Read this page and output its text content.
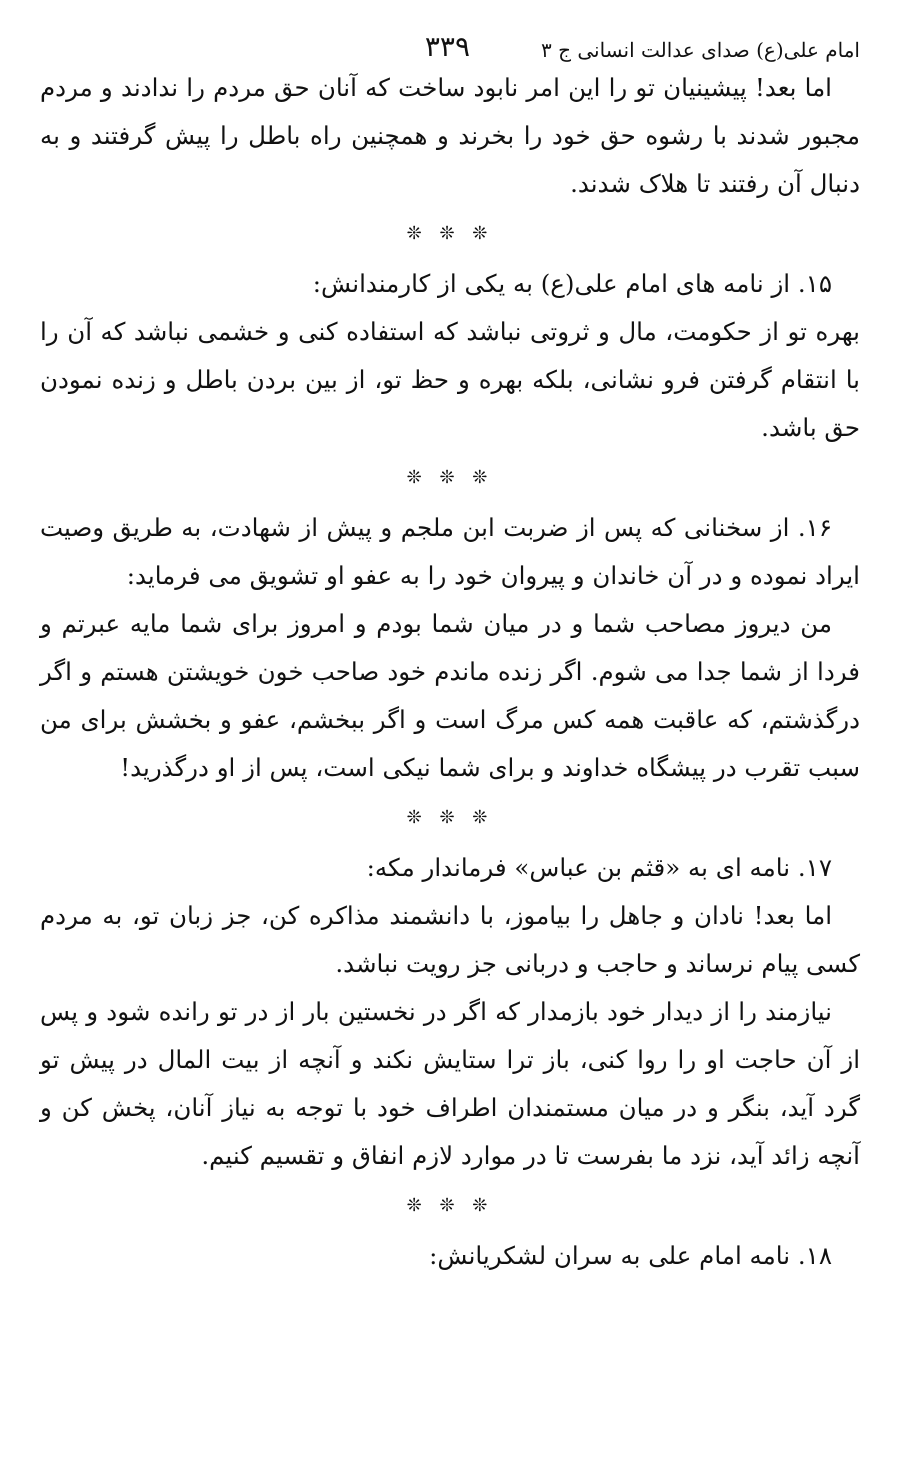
امام علی(ع) صدای عدالت انسانی ج ۳
۳۳۹

اما بعد! پیشینیان تو را این امر نابود ساخت که آنان حق مردم را ندادند و مردم مجبور شدند با رشوه حق خود را بخرند و همچنین راه باطل را پیش گرفتند و به دنبال آن رفتند تا هلاک شدند.

❊ ❊ ❊

۱۵. از نامه های امام علی(ع) به یکی از کارمندانش:

بهره تو از حکومت، مال و ثروتی نباشد که استفاده کنی و خشمی نباشد که آن را با انتقام گرفتن فرو نشانی، بلکه بهره و حظ تو، از بین بردن باطل و زنده نمودن حق باشد.

❊ ❊ ❊

۱۶. از سخنانی که پس از ضربت ابن ملجم و پیش از شهادت، به طریق وصیت ایراد نموده و در آن خاندان و پیروان خود را به عفو او تشویق می فرماید:

من دیروز مصاحب شما و در میان شما بودم و امروز برای شما مایه عبرتم و فردا از شما جدا می شوم. اگر زنده ماندم خود صاحب خون خویشتن هستم و اگر درگذشتم، که عاقبت همه کس مرگ است و اگر ببخشم، عفو و بخشش برای من سبب تقرب در پیشگاه خداوند و برای شما نیکی است، پس از او درگذرید!

❊ ❊ ❊

۱۷. نامه ای به «قثم بن عباس» فرماندار مکه:

اما بعد! نادان و جاهل را بیاموز، با دانشمند مذاکره کن، جز زبان تو، به مردم کسی پیام نرساند و حاجب و دربانی جز رویت نباشد.

نیازمند را از دیدار خود بازمدار که اگر در نخستین بار از در تو رانده شود و پس از آن حاجت او را روا کنی، باز ترا ستایش نکند و آنچه از بیت المال در پیش تو گرد آید، بنگر و در میان مستمندان اطراف خود با توجه به نیاز آنان، پخش کن و آنچه زائد آید، نزد ما بفرست تا در موارد لازم انفاق و تقسیم کنیم.

❊ ❊ ❊

۱۸. نامه امام علی به سران لشکریانش:
